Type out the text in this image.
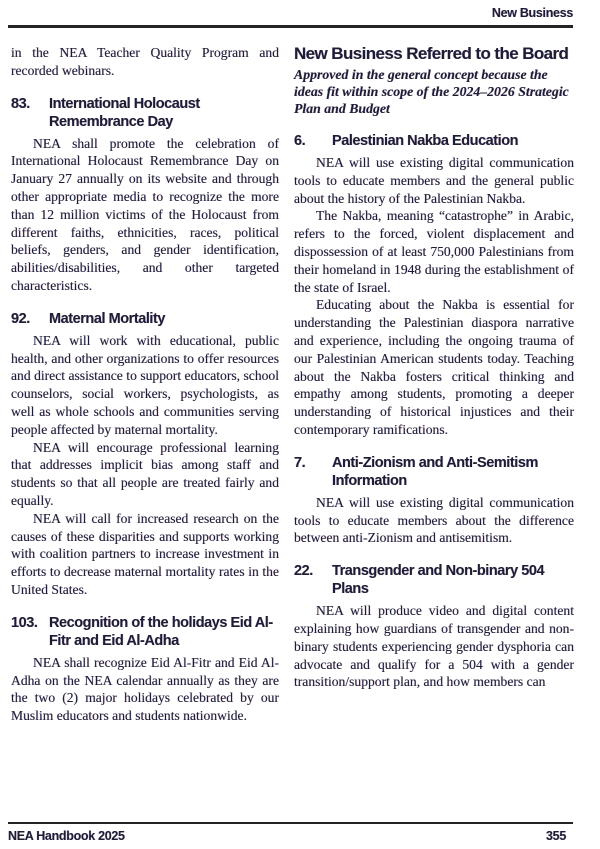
New Business

in the NEA Teacher Quality Program and recorded webinars.

83.	International Holocaust Remembrance Day

NEA shall promote the celebration of International Holocaust Remembrance Day on January 27 annually on its website and through other appropriate media to recognize the more than 12 million victims of the Holocaust from different faiths, ethnicities, races, political beliefs, genders, and gender identification, abilities/disabilities, and other targeted characteristics.

92.	Maternal Mortality

NEA will work with educational, public health, and other organizations to offer resources and direct assistance to support educators, school counselors, social workers, psychologists, as well as whole schools and communities serving people affected by maternal mortality.

NEA will encourage professional learning that addresses implicit bias among staff and students so that all people are treated fairly and equally.

NEA will call for increased research on the causes of these disparities and supports working with coalition partners to increase investment in efforts to decrease maternal mortality rates in the United States.

103. Recognition of the holidays Eid Al-Fitr and Eid Al-Adha

NEA shall recognize Eid Al-Fitr and Eid Al-Adha on the NEA calendar annually as they are the two (2) major holidays celebrated by our Muslim educators and students nationwide.

New Business Referred to the Board

Approved in the general concept because the ideas fit within scope of the 2024–2026 Strategic Plan and Budget

6.	Palestinian Nakba Education

NEA will use existing digital communication tools to educate members and the general public about the history of the Palestinian Nakba.

The Nakba, meaning “catastrophe” in Arabic, refers to the forced, violent displacement and dispossession of at least 750,000 Palestinians from their homeland in 1948 during the establishment of the state of Israel.

Educating about the Nakba is essential for understanding the Palestinian diaspora narrative and experience, including the ongoing trauma of our Palestinian American students today. Teaching about the Nakba fosters critical thinking and empathy among students, promoting a deeper understanding of historical injustices and their contemporary ramifications.

7.	Anti-Zionism and Anti-Semitism Information

NEA will use existing digital communication tools to educate members about the difference between anti-Zionism and antisemitism.

22.	Transgender and Non-binary 504 Plans

NEA will produce video and digital content explaining how guardians of transgender and non-binary students experiencing gender dysphoria can advocate and qualify for a 504 with a gender transition/support plan, and how members can

NEA Handbook 2025	355
